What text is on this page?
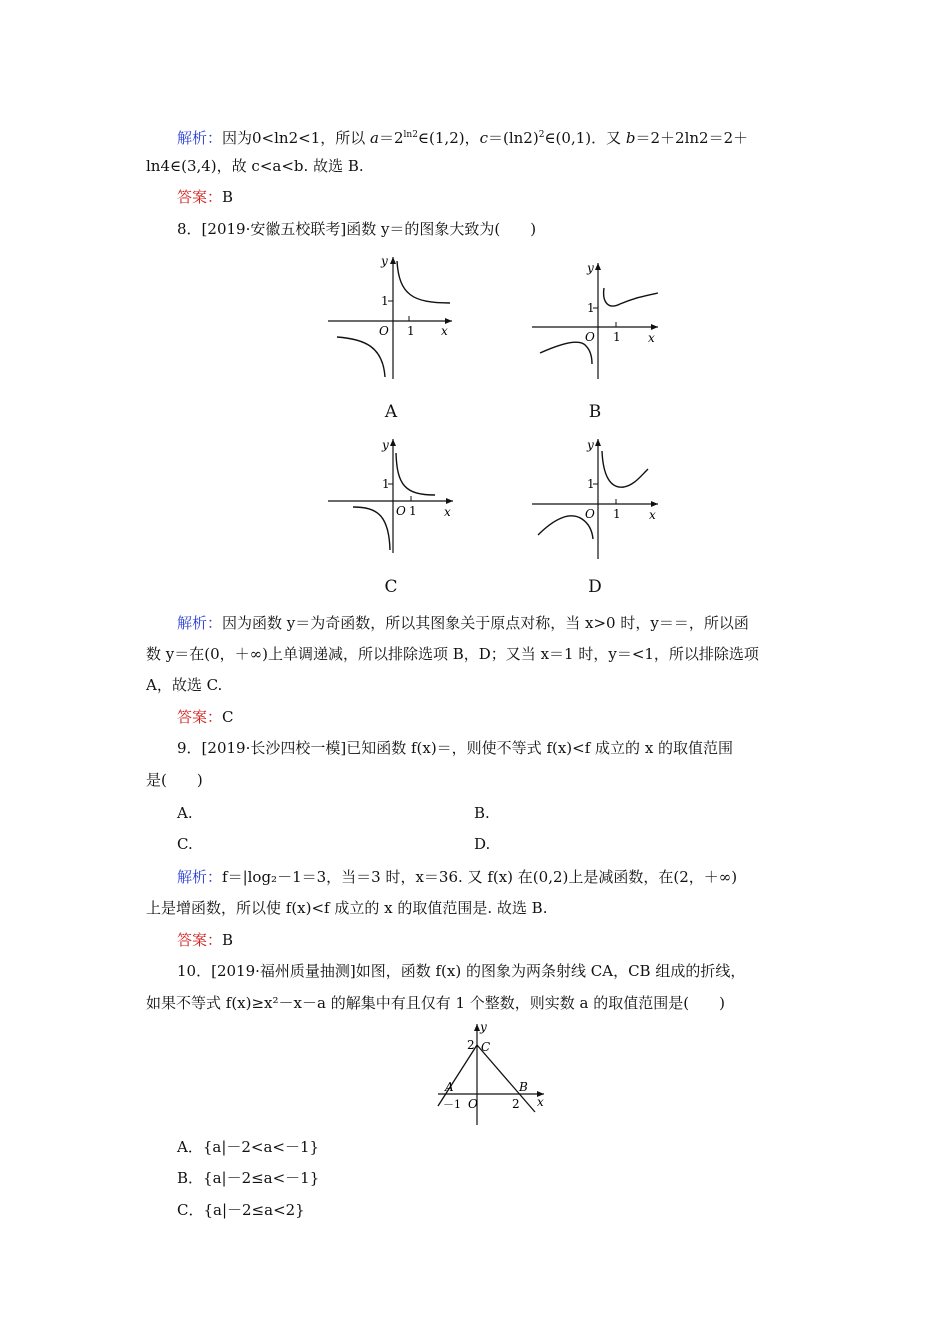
解析：因为0<ln2<1，所以 $a=2^{ln2}\in(1,2)$，$c=(\ln 2)^2\in(0,1)$．又 b＝2＋2ln2＝2＋
ln4∈(3,4)，故 c<a<b. 故选 B.
答案：B
8．[2019·安徽五校联考]函数 y＝的图象大致为(　　)
y
x
O 1
1
A
y
x
O 1
1
B
y
x
O 1
1
C
y
x
O 1
1
D
解析：因为函数 y＝为奇函数，所以其图象关于原点对称，当 x>0 时，y＝＝，所以函
数 y＝在(0，＋∞)上单调递减，所以排除选项 B，D；又当 x＝1 时，y＝<1，所以排除选项
A，故选 C.
答案：C
9．[2019·长沙四校一模]已知函数 f(x)＝，则使不等式 f(x)<f 成立的 x 的取值范围
是(　　)
A.	B.
C.	D.
解析：f＝|log₂－1＝3，当＝3 时，x＝36. 又 f(x) 在(0,2)上是减函数，在(2，＋∞)
上是增函数，所以使 f(x)<f 成立的 x 的取值范围是. 故选 B.
答案：B
10．[2019·福州质量抽测]如图，函数 f(x) 的图象为两条射线 CA，CB 组成的折线，
如果不等式 f(x)≥x²－x－a 的解集中有且仅有 1 个整数，则实数 a 的取值范围是(　　)
y
x
C
A	B
2
－1 O	2
A．{a|－2<a<－1}
B．{a|－2≤a<－1}
C．{a|－2≤a<2}
